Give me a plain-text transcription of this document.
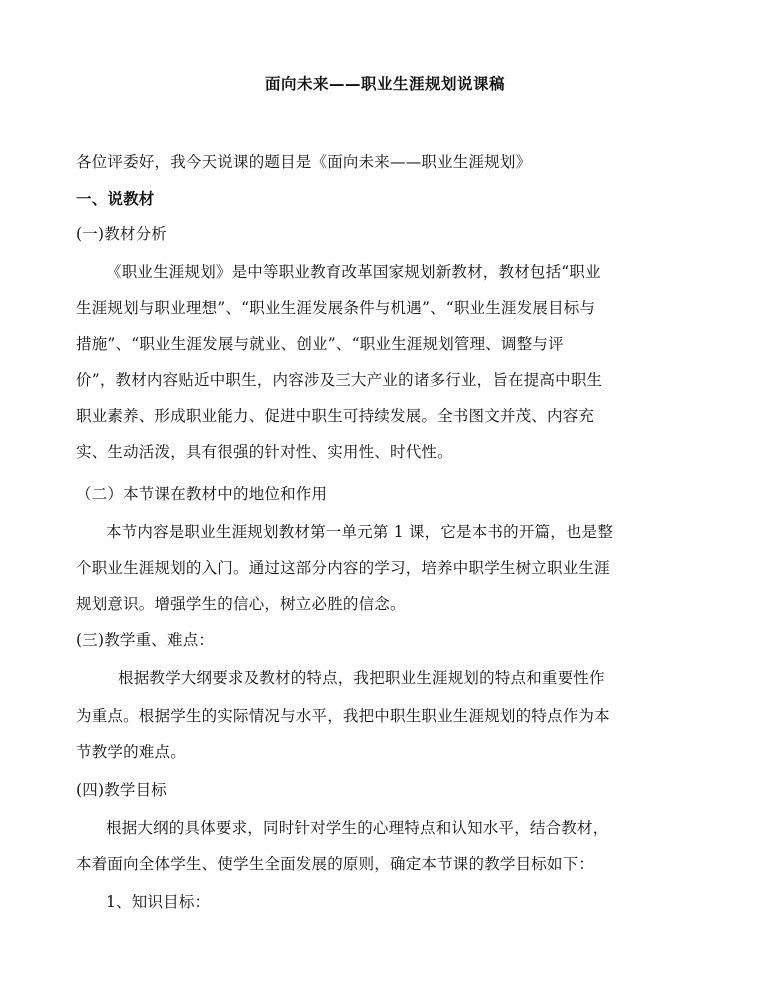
面向未来——职业生涯规划说课稿
各位评委好，我今天说课的题目是《面向未来——职业生涯规划》
一、说教材
(一)教材分析
《职业生涯规划》是中等职业教育改革国家规划新教材，教材包括“职业
生涯规划与职业理想”、“职业生涯发展条件与机遇”、“职业生涯发展目标与
措施”、“职业生涯发展与就业、创业”、“职业生涯规划管理、调整与评
价”，教材内容贴近中职生，内容涉及三大产业的诸多行业，旨在提高中职生
职业素养、形成职业能力、促进中职生可持续发展。全书图文并茂、内容充
实、生动活泼，具有很强的针对性、实用性、时代性。
（二）本节课在教材中的地位和作用
本节内容是职业生涯规划教材第一单元第 1 课，它是本书的开篇，也是整
个职业生涯规划的入门。通过这部分内容的学习，培养中职学生树立职业生涯
规划意识。增强学生的信心，树立必胜的信念。
(三)教学重、难点：
根据教学大纲要求及教材的特点，我把职业生涯规划的特点和重要性作
为重点。根据学生的实际情况与水平，我把中职生职业生涯规划的特点作为本
节教学的难点。
(四)教学目标
根据大纲的具体要求，同时针对学生的心理特点和认知水平，结合教材，
本着面向全体学生、使学生全面发展的原则，确定本节课的教学目标如下：
1、知识目标：
